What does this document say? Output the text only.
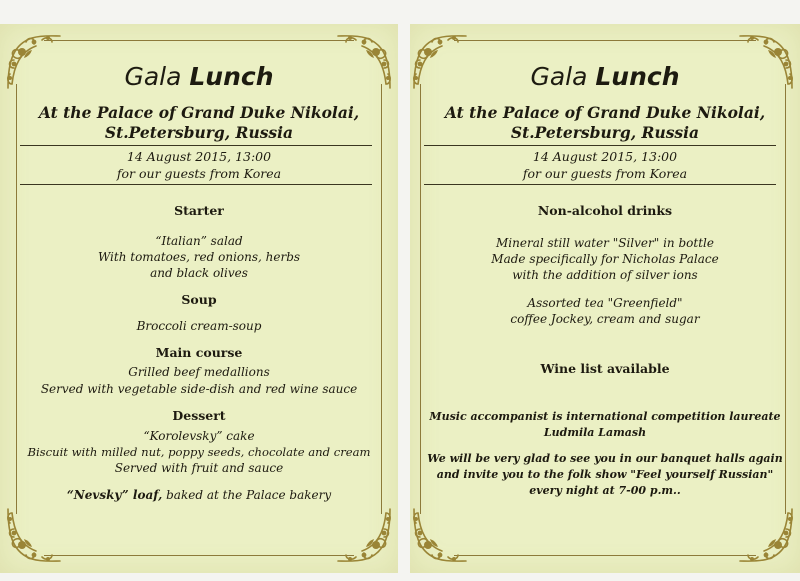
Gala Lunch
At the Palace of Grand Duke Nikolai,
St.Petersburg, Russia
14 August 2015, 13:00
for our guests from Korea
Starter
“Italian” salad
With tomatoes, red onions, herbs
and black olives
Soup
Broccoli cream-soup
Main course
Grilled beef medallions
Served with vegetable side-dish and red wine sauce
Dessert
“Korolevsky” cake
Biscuit with milled nut, poppy seeds, chocolate and cream
Served with fruit and sauce
“Nevsky” loaf, baked at the Palace bakery
Gala Lunch
At the Palace of Grand Duke Nikolai,
St.Petersburg, Russia
14 August 2015, 13:00
for our guests from Korea
Non-alcohol drinks
Mineral still water "Silver" in bottle
Made specifically for Nicholas Palace
with the addition of silver ions
Assorted tea "Greenfield"
coffee Jockey, cream and sugar
Wine list available
Music accompanist is international competition laureate
Ludmila Lamash
We will be very glad to see you in our banquet halls again
and invite you to the folk show "Feel yourself Russian"
every night at 7-00 p.m..
